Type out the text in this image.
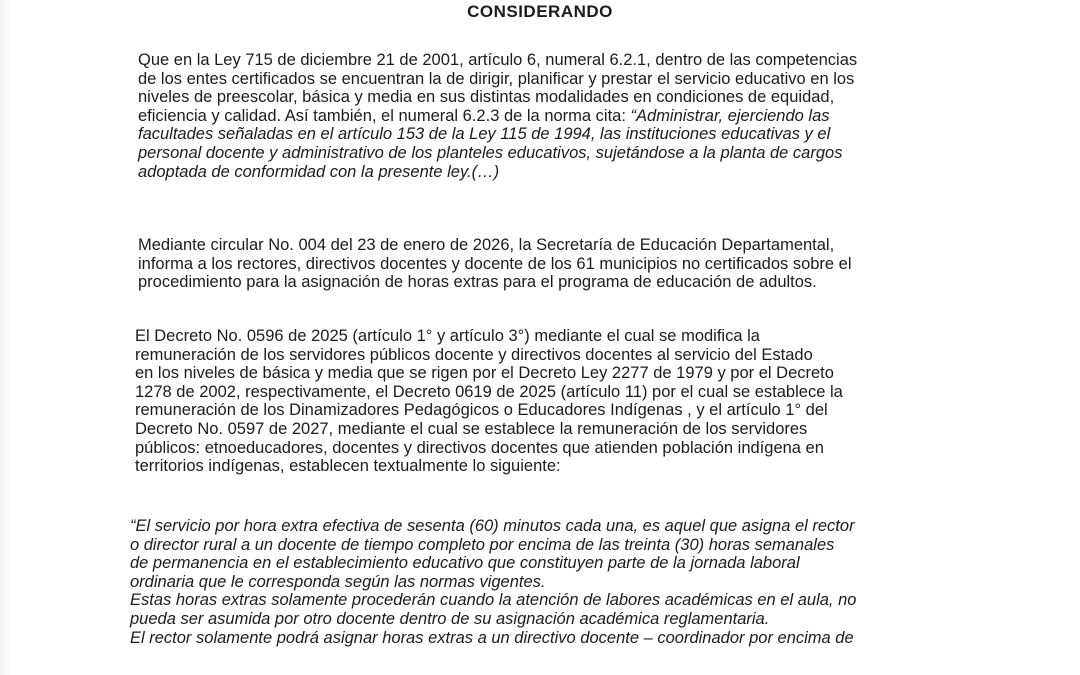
CONSIDERANDO
Que en la Ley 715 de diciembre 21 de 2001, artículo 6, numeral 6.2.1, dentro de las competencias
de los entes certificados se encuentran la de dirigir, planificar y prestar el servicio educativo en los
niveles de preescolar, básica y media en sus distintas modalidades en condiciones de equidad,
eficiencia y calidad. Así también, el numeral 6.2.3 de la norma cita: “Administrar, ejerciendo las
facultades señaladas en el artículo 153 de la Ley 115 de 1994, las instituciones educativas y el
personal docente y administrativo de los planteles educativos, sujetándose a la planta de cargos
adoptada de conformidad con la presente ley.(…)
Mediante circular No. 004 del 23 de enero de 2026, la Secretaría de Educación Departamental,
informa a los rectores, directivos docentes y docente de los 61 municipios no certificados sobre el
procedimiento para la asignación de horas extras para el programa de educación de adultos.
El Decreto No. 0596 de 2025 (artículo 1° y artículo 3°) mediante el cual se modifica la
remuneración de los servidores públicos docente y directivos docentes al servicio del Estado
en los niveles de básica y media que se rigen por el Decreto Ley 2277 de 1979 y por el Decreto
1278 de 2002, respectivamente, el Decreto 0619 de 2025 (artículo 11) por el cual se establece la
remuneración de los Dinamizadores Pedagógicos o Educadores Indígenas , y el artículo 1° del
Decreto No. 0597 de 2027, mediante el cual se establece la remuneración de los servidores
públicos: etnoeducadores, docentes y directivos docentes que atienden población indígena en
territorios indígenas, establecen textualmente lo siguiente:
“El servicio por hora extra efectiva de sesenta (60) minutos cada una, es aquel que asigna el rector
o director rural a un docente de tiempo completo por encima de las treinta (30) horas semanales
de permanencia en el establecimiento educativo que constituyen parte de la jornada laboral
ordinaria que le corresponda según las normas vigentes.
Estas horas extras solamente procederán cuando la atención de labores académicas en el aula, no
pueda ser asumida por otro docente dentro de su asignación académica reglamentaria.
El rector solamente podrá asignar horas extras a un directivo docente – coordinador por encima de
